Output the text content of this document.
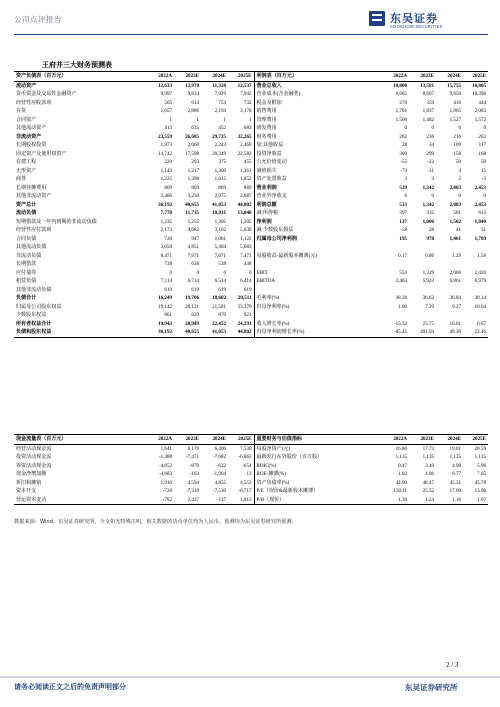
公司点评报告	东吴证券
SOOCHOW SECURITIES
王府井三大财务预测表
资产负债表（百万元）	2022A	2023E	2024E	2025E	利润表（百万元）	2022A	2023E	2024E	2025E
流动资产	12,633	13,970	11,328	12,537	营业总收入	10,800	13,581	15,755	16,805
货币资金及交易性金融资产	9,997	9,834	7,929	7,942	营业成本(含金融类)	6,665	8,607	9,950	10,396
经营性应收款项	565	614	753	732	税金及附加	276	359	416	444
存货	1,657	2,886	2,193	3,178	销售费用	1,701	1,837	1,965	2,083
合同资产	1	1	1	1	管理费用	1,560	1,482	1,527	1,572
其他流动资产	413	635	452	683	研发费用	0	0	0	0
非流动资产	23,559	26,685	29,725	32,265	财务费用	262	236	216	203
长期股权投资	1,873	2,060	2,243	2,460	加:其他收益	28	34	109	117
固定资产及使用权资产	14,742	17,598	20,349	22,582	投资净收益	300	299	158	168
在建工程	220	293	375	455	公允价值变动	-55	-22	50	50
无形资产	1,143	1,217	1,300	1,361	减值损失	-73	-31	4	15
商誉	1,225	1,398	1,615	1,852	资产处置收益	3	3	2	-3
长期待摊费用	869	869	869	869	营业利润	539	1,342	2,003	2,453
其他非流动资产	3,486	3,250	2,975	2,687	营业外净收支	6	0	0	0
资产总计	36,192	40,655	41,053	44,802	利润总额	533	1,342	2,003	2,453
流动负债	7,778	11,735	10,931	13,040	减:所得税	397	335	501	613
短期借款及一年内到期的非流动负债	1,235	1,255	1,305	1,205	净利润	137	1,006	1,502	1,840
经营性应付款项	2,173	4,682	3,162	5,030	减:少数股东损益	-58	28	41	51
合同负债	720	947	1,061	1,122	归属母公司净利润	195	978	1,461	1,789
其他流动负债	3,650	4,851	5,404	5,683					
非流动负债	8,471	7,971	7,671	7,471	每股收益-最新股本摊薄(元)	0.17	0.86	1.29	1.58
长期借款	738	638	538	438					
应付债券	0	0	0	0	EBIT	553	1,329	2,006	2,426
租赁负债	7,114	6,714	6,514	6,414	EBITDA	2,463	5,923	6,861	6,979
其他非流动负债	619	619	619	619					
负债合计	16,249	19,706	18,602	20,511	毛利率(%)	38.28	36.62	36.84	38.14
归属母公司股东权益	19,142	20,121	21,581	23,370	归母净利率(%)	1.80	7.20	9.27	10.64
少数股东权益	801	829	870	921					
所有者权益合计	19,943	20,949	22,452	24,291	收入增长率(%)	-15.32	25.75	16.01	6.67
负债和股东权益	36,192	40,655	41,053	44,802	归母净利润增长率(%)	-85.45	401.94	49.30	22.46
现金流量表（百万元）	2022A	2023E	2024E	2025E	重要财务与估值指标	2022A	2023E	2024E	2025E
经营活动现金流	1,641	8,179	6,400	7,530	每股净资产(元)	16.86	17.73	19.01	20.59
投资活动现金流	-1,488	-7,471	-7,682	-6,863	最新发行在外股份（百万股）	1,135	1,135	1,135	1,135
筹资活动现金流	-4,852	-870	-622	-654	ROIC(%)	0.47	3.40	4.98	5.96
现金净增加额	-4,683	-163	-1,904	13	ROE-摊薄(%)	1.02	4.86	6.77	7.65
折旧和摊销	1,910	4,594	4,855	4,553	资产负债率(%)	44.90	48.47	45.31	45.78
资本开支	-728	-7,319	-7,530	-6,717	P/E（现价&最新股本摊薄）	128.11	25.52	17.09	13.96
营运资本变动	-782	2,437	-117	1,013	P/B（现价）	1.30	1.24	1.16	1.07
数据来源：Wind，东吴证券研究所，全文如无特殊注明，相关数据的货币单位均为人民币，预测均为东吴证券研究所预测。
2 / 3
请务必阅读正文之后的免责声明部分	东吴证券研究所
